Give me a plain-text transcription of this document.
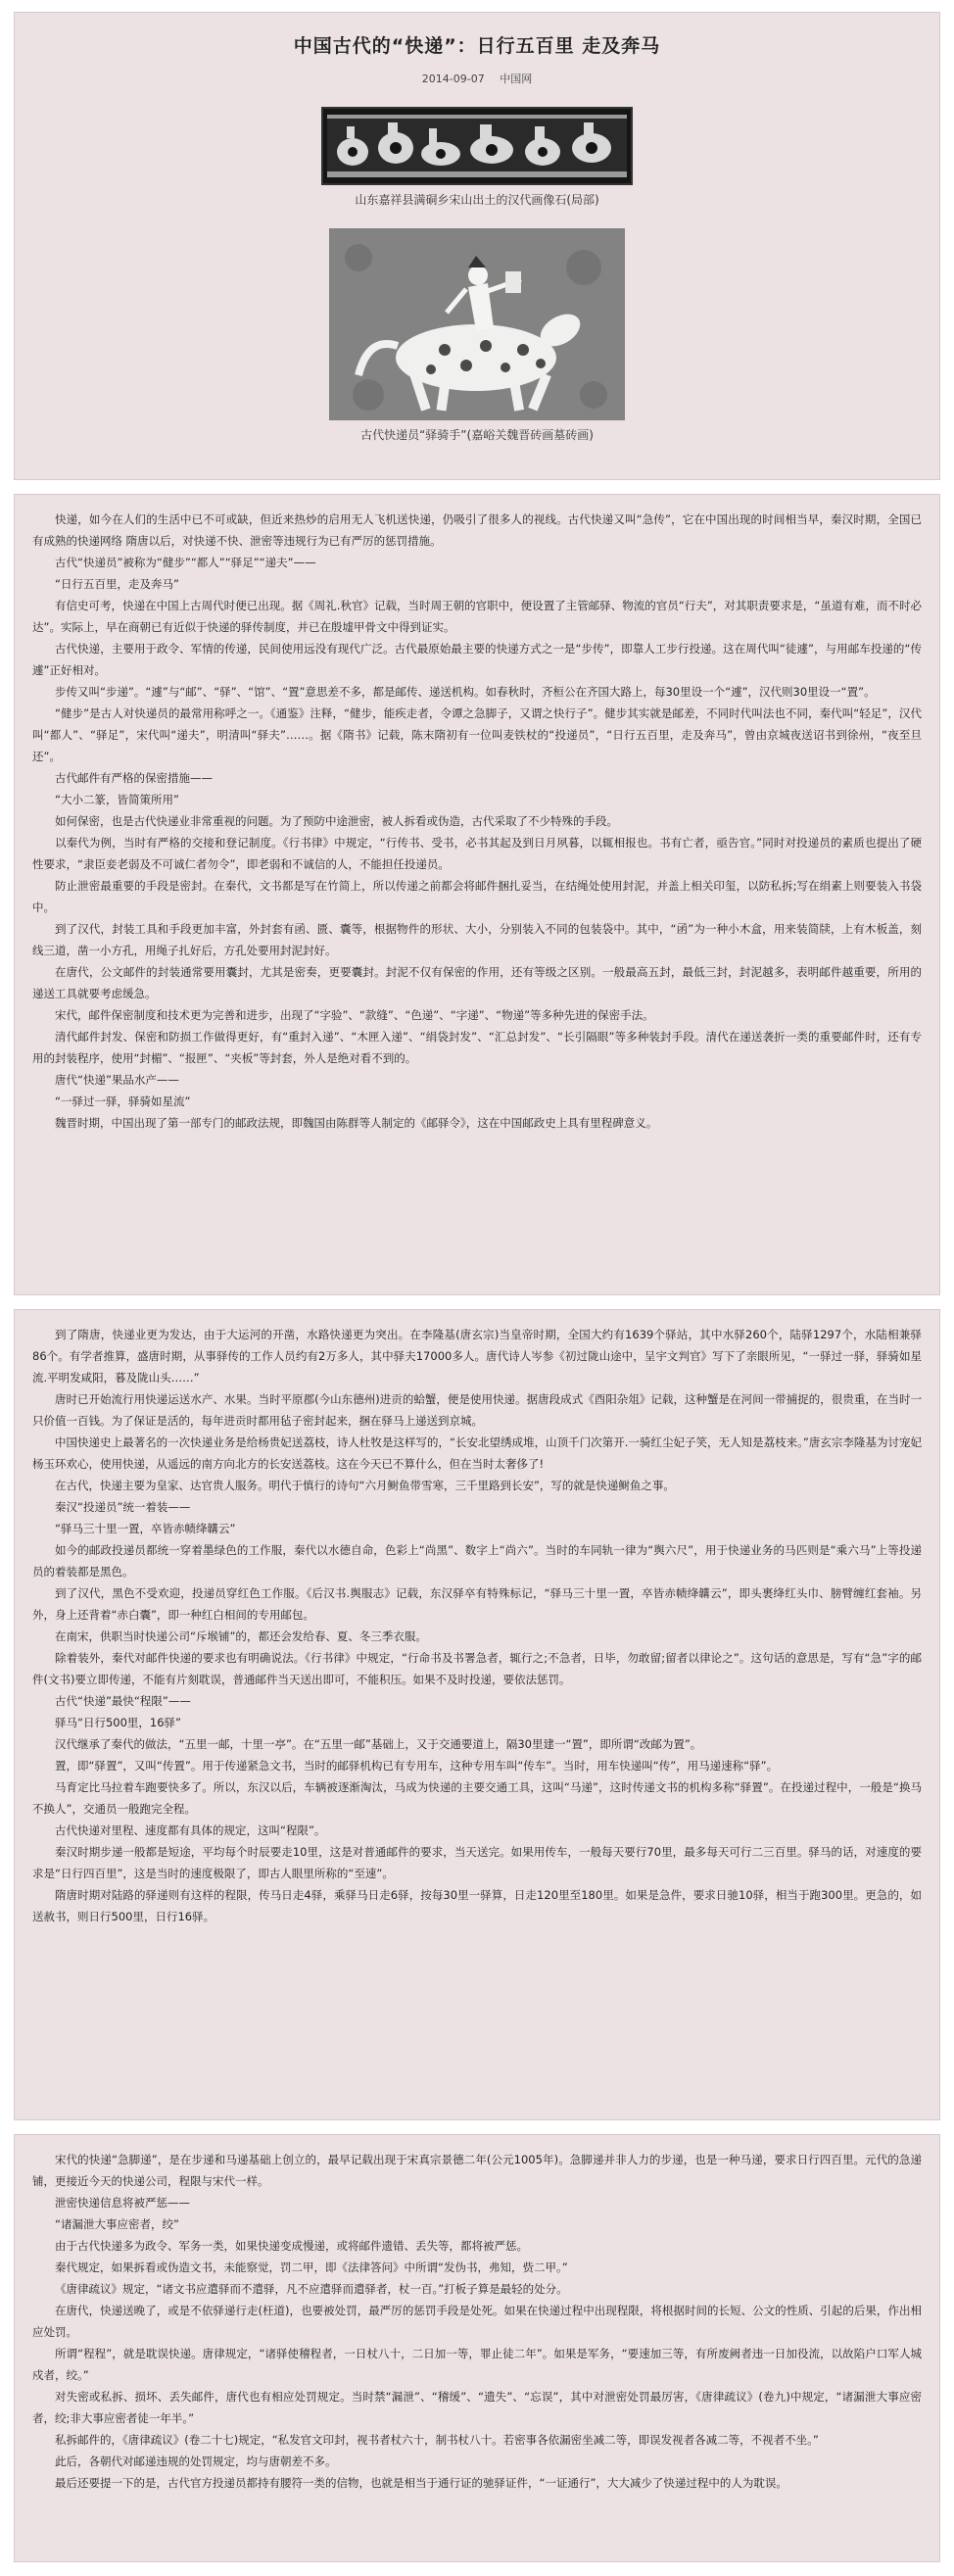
中国古代的“快递”：日行五百里 走及奔马
2014-09-07 中国网

山东嘉祥县满硐乡宋山出土的汉代画像石(局部)

古代快递员“驿骑手”(嘉峪关魏晋砖画墓砖画)

快递，如今在人们的生活中已不可或缺，但近来热炒的启用无人飞机送快递，仍吸引了很多人的视线。古代快递又叫“急传”，它在中国出现的时间相当早，秦汉时期，全国已有成熟的快递网络 隋唐以后，对快递不快、泄密等违规行为已有严厉的惩罚措施。

古代“快递员”被称为“健步”“都人”“驿足”“递夫”——

“日行五百里，走及奔马”

有信史可考，快递在中国上古周代时便已出现。据《周礼.秋官》记载，当时周王朝的官职中，便设置了主管邮驿、物流的官员“行夫”，对其职责要求是，“虽道有难，而不时必达”。实际上，早在商朝已有近似于快递的驿传制度，并已在殷墟甲骨文中得到证实。

古代快递，主要用于政令、军情的传递，民间使用远没有现代广泛。古代最原始最主要的快递方式之一是“步传”，即靠人工步行投递。这在周代叫“徒遽”，与用邮车投递的“传遽”正好相对。

步传又叫“步递”。“遽”与“邮”、“驿”、“馆”、“置”意思差不多，都是邮传、递送机构。如春秋时，齐桓公在齐国大路上，每30里设一个“遽”，汉代则30里设一“置”。

“健步”是古人对快递员的最常用称呼之一。《通鉴》注释，“健步，能疾走者，令谭之急脚子，又谓之快行子”。健步其实就是邮差，不同时代叫法也不同，秦代叫“轻足”，汉代叫“都人”、“驿足”，宋代叫“递夫”，明清叫“驿夫”……。据《隋书》记载，陈末隋初有一位叫麦铁杖的“投递员”，“日行五百里，走及奔马”，曾由京城夜送诏书到徐州，“夜至旦还”。

古代邮件有严格的保密措施——

“大小二篆，皆简策所用”

如何保密，也是古代快递业非常重视的问题。为了预防中途泄密，被人拆看或伪造，古代采取了不少特殊的手段。

以秦代为例，当时有严格的交接和登记制度。《行书律》中规定，“行传书、受书，必书其起及到日月夙暮，以辄相报也。书有亡者，亟告官。”同时对投递员的素质也提出了硬性要求，“隶臣妾老弱及不可诚仁者勿令”，即老弱和不诚信的人，不能担任投递员。

防止泄密最重要的手段是密封。在秦代，文书都是写在竹简上，所以传递之前都会将邮件捆扎妥当，在结绳处使用封泥，并盖上相关印玺，以防私拆;写在绢素上则要装入书袋中。

到了汉代，封装工具和手段更加丰富，外封套有函、匮、囊等，根据物件的形状、大小，分别装入不同的包装袋中。其中，“函”为一种小木盒，用来装简牍，上有木板盖，刻线三道，凿一小方孔，用绳子扎好后，方孔处要用封泥封好。

在唐代，公文邮件的封装通常要用囊封，尤其是密奏，更要囊封。封泥不仅有保密的作用，还有等级之区别。一般最高五封，最低三封，封泥越多，表明邮件越重要，所用的递送工具就要考虑缓急。

宋代，邮件保密制度和技术更为完善和进步，出现了“字验”、“款缝”、“色递”、“字递”、“物递”等多种先进的保密手法。

清代邮件封发、保密和防损工作做得更好，有“重封入递”、“木匣入递”、“绢袋封发”、“汇总封发”、“长引隔眼”等多种装封手段。清代在递送袭折一类的重要邮件时，还有专用的封装程序，使用“封楣”、“报匣”、“夹板”等封套，外人是绝对看不到的。

唐代“快递”果品水产——

“一驿过一驿，驿骑如星流”

魏晋时期，中国出现了第一部专门的邮政法规，即魏国由陈群等人制定的《邮驿令》，这在中国邮政史上具有里程碑意义。

到了隋唐，快递业更为发达，由于大运河的开凿，水路快递更为突出。在李隆基(唐玄宗)当皇帝时期，全国大约有1639个驿站，其中水驿260个，陆驿1297个，水陆相兼驿86个。有学者推算，盛唐时期，从事驿传的工作人员约有2万多人，其中驿夫17000多人。唐代诗人岑参《初过陇山途中，呈宇文判官》写下了亲眼所见，“一驿过一驿，驿骑如星流.平明发咸阳，暮及陇山头……”

唐时已开始流行用快递运送水产、水果。当时平原郡(今山东德州)进贡的蛤蟹，便是使用快递。据唐段成式《酉阳杂俎》记载，这种蟹是在河间一带捕捉的，很贵重，在当时一只价值一百钱。为了保证是活的，每年进贡时都用毡子密封起来，捆在驿马上递送到京城。

中国快递史上最著名的一次快递业务是给杨贵妃送荔枝，诗人杜牧是这样写的，“长安北望绣成堆，山顶千门次第开.一骑红尘妃子笑，无人知是荔枝来。”唐玄宗李隆基为讨宠妃杨玉环欢心，使用快递，从遥远的南方向北方的长安送荔枝。这在今天已不算什么，但在当时太奢侈了!

在古代，快递主要为皇家、达官贵人服务。明代于慎行的诗句“六月鲥鱼带雪寒，三千里路到长安”，写的就是快递鲥鱼之事。

秦汉“投递员”统一着装——

“驿马三十里一置，卒皆赤帻绛韝云”

如今的邮政投递员都统一穿着墨绿色的工作服，秦代以水德自命，色彩上“尚黑”、数字上“尚六”。当时的车同轨一律为“舆六尺”，用于快递业务的马匹则是“乘六马”上等投递员的着装都是黑色。

到了汉代，黑色不受欢迎，投递员穿红色工作服。《后汉书.舆服志》记载，东汉驿卒有特殊标记，“驿马三十里一置，卒皆赤帻绛韝云”，即头裹绛红头巾、膀臂缠红套袖。另外，身上还背着“赤白囊”，即一种红白相间的专用邮包。

在南宋，供职当时快递公司“斥堠铺”的，都还会发给春、夏、冬三季衣服。

除着装外，秦代对邮件快递的要求也有明确说法。《行书律》中规定，“行命书及书署急者，辄行之;不急者，日毕，勿敢留;留者以律论之”。这句话的意思是，写有“急”字的邮件(文书)要立即传递，不能有片刻耽误，普通邮件当天送出即可，不能积压。如果不及时投递，要依法惩罚。

古代“快递”最快“程限”——

驿马“日行500里，16驿”

汉代继承了秦代的做法，“五里一邮，十里一亭”。在“五里一邮”基础上，又于交通要道上，隔30里建一“置”，即所谓“改邮为置”。

置，即“驿置”，又叫“传置”。用于传递紧急文书，当时的邮驿机构已有专用车，这种专用车叫“传车”。当时，用车快递叫“传”，用马递速称“驿”。

马育定比马拉着车跑要快多了。所以，东汉以后，车辆被逐渐淘汰，马成为快递的主要交通工具，这叫“马递”，这时传递文书的机构多称“驿置”。在投递过程中，一般是“换马不换人”，交通员一般跑完全程。

古代快递对里程、速度都有具体的规定，这叫“程限”。

秦汉时期步递一般都是短途，平均每个时辰要走10里，这是对普通邮件的要求，当天送完。如果用传车，一般每天要行70里，最多每天可行二三百里。驿马的话，对速度的要求是“日行四百里”，这是当时的速度极限了，即古人眼里所称的“至速”。

隋唐时期对陆路的驿递则有这样的程限，传马日走4驿，乘驿马日走6驿，按每30里一驿算，日走120里至180里。如果是急件，要求日驰10驿，相当于跑300里。更急的，如送赦书，则日行500里，日行16驿。

宋代的快递“急脚递”，是在步递和马递基础上创立的，最早记载出现于宋真宗景德二年(公元1005年)。急脚递并非人力的步递，也是一种马递，要求日行四百里。元代的急递铺，更接近今天的快递公司，程限与宋代一样。

泄密快递信息将被严惩——

“诸漏泄大事应密者，绞”

由于古代快递多为政令、军务一类，如果快递变成慢递，或将邮件遗错、丢失等，都将被严惩。

秦代规定，如果拆看或伪造文书，未能察觉，罚二甲，即《法律答问》中所谓“发伪书，弗知，赀二甲。”

《唐律疏议》规定，“诸文书应遣驿而不遣驿，凡不应遣驿而遣驿者，杖一百。”打板子算是最轻的处分。

在唐代，快递送晚了，或是不依驿递行走(枉道)，也要被处罚，最严厉的惩罚手段是处死。如果在快递过程中出现程限，将根据时间的长短、公文的性质、引起的后果，作出相应处罚。

所谓“程程”，就是耽误快递。唐律规定，“诸驿使稽程者，一日杖八十，二日加一等，罪止徒二年”。如果是军务，“要速加三等，有所废阙者违一日加役流，以故陷户口军人城戍者，绞。”

对失密或私拆、损坏、丢失邮件，唐代也有相应处罚规定。当时禁“漏泄”、“稽缓”、“遗失”、“忘误”，其中对泄密处罚最厉害，《唐律疏议》(卷九)中规定，“诸漏泄大事应密者，绞;非大事应密者徒一年半。”

私拆邮件的，《唐律疏议》(卷二十七)规定，“私发官文印封，视书者杖六十，制书杖八十。若密事各依漏密坐减二等，即误发视者各减二等，不视者不坐。”

此后，各朝代对邮递违规的处罚规定，均与唐朝差不多。

最后还要提一下的是，古代官方投递员都持有腰符一类的信物，也就是相当于通行证的驰驿证件，“一证通行”，大大减少了快递过程中的人为耽误。
